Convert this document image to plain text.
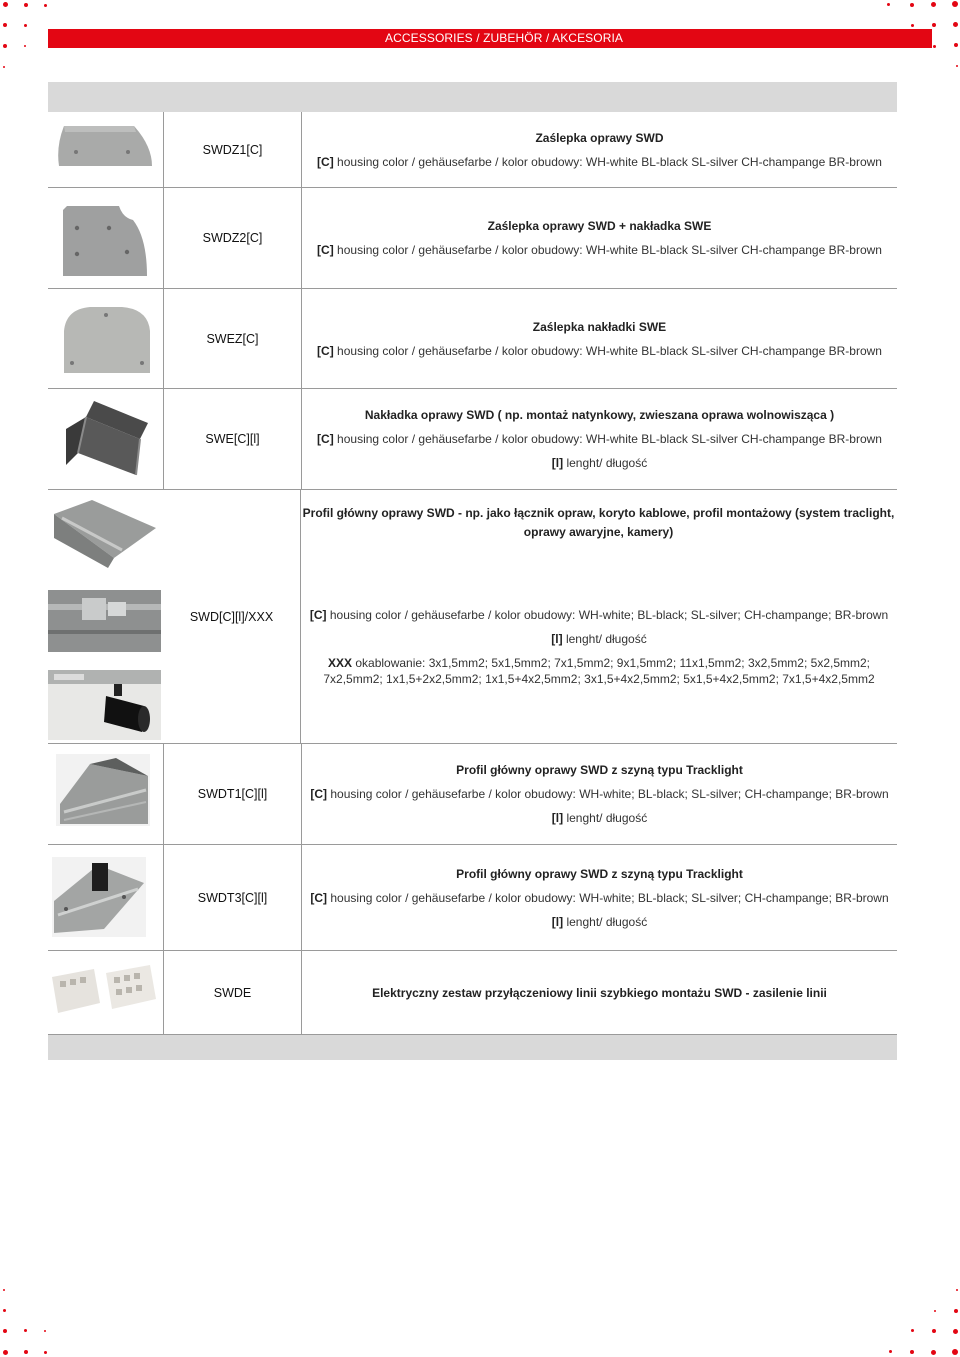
ACCESSORIES / ZUBEHÖR / AKCESORIA
SWDZ1[C]
Zaślepka oprawy SWD
[C] housing color / gehäusefarbe / kolor obudowy: WH-white BL-black SL-silver CH-champange BR-brown
SWDZ2[C]
Zaślepka oprawy SWD + nakładka SWE
[C] housing color / gehäusefarbe / kolor obudowy: WH-white BL-black SL-silver CH-champange BR-brown
SWEZ[C]
Zaślepka nakładki SWE
[C] housing color / gehäusefarbe / kolor obudowy: WH-white BL-black SL-silver CH-champange BR-brown
SWE[C][l]
Nakładka oprawy SWD ( np. montaż natynkowy, zwieszana oprawa wolnowisząca )
[C] housing color / gehäusefarbe / kolor obudowy: WH-white BL-black SL-silver CH-champange BR-brown
[l] lenght/ długość
Profil główny oprawy SWD - np. jako łącznik opraw, koryto kablowe, profil montażowy (system traclight,
oprawy awaryjne, kamery)
SWD[C][l]/XXX	[C] housing color / gehäusefarbe / kolor obudowy: WH-white; BL-black; SL-silver; CH-champange; BR-brown
[l] lenght/ długość
XXX okablowanie: 3x1,5mm2; 5x1,5mm2; 7x1,5mm2; 9x1,5mm2; 11x1,5mm2; 3x2,5mm2; 5x2,5mm2;
7x2,5mm2; 1x1,5+2x2,5mm2; 1x1,5+4x2,5mm2; 3x1,5+4x2,5mm2; 5x1,5+4x2,5mm2; 7x1,5+4x2,5mm2
SWDT1[C][l]
Profil główny oprawy SWD z szyną typu Tracklight
[C] housing color / gehäusefarbe / kolor obudowy: WH-white; BL-black; SL-silver; CH-champange; BR-brown
[l] lenght/ długość
SWDT3[C][l]
Profil główny oprawy SWD z szyną typu Tracklight
[C] housing color / gehäusefarbe / kolor obudowy: WH-white; BL-black; SL-silver; CH-champange; BR-brown
[l] lenght/ długość
SWDE	Elektryczny zestaw przyłączeniowy linii szybkiego montażu SWD - zasilenie linii
